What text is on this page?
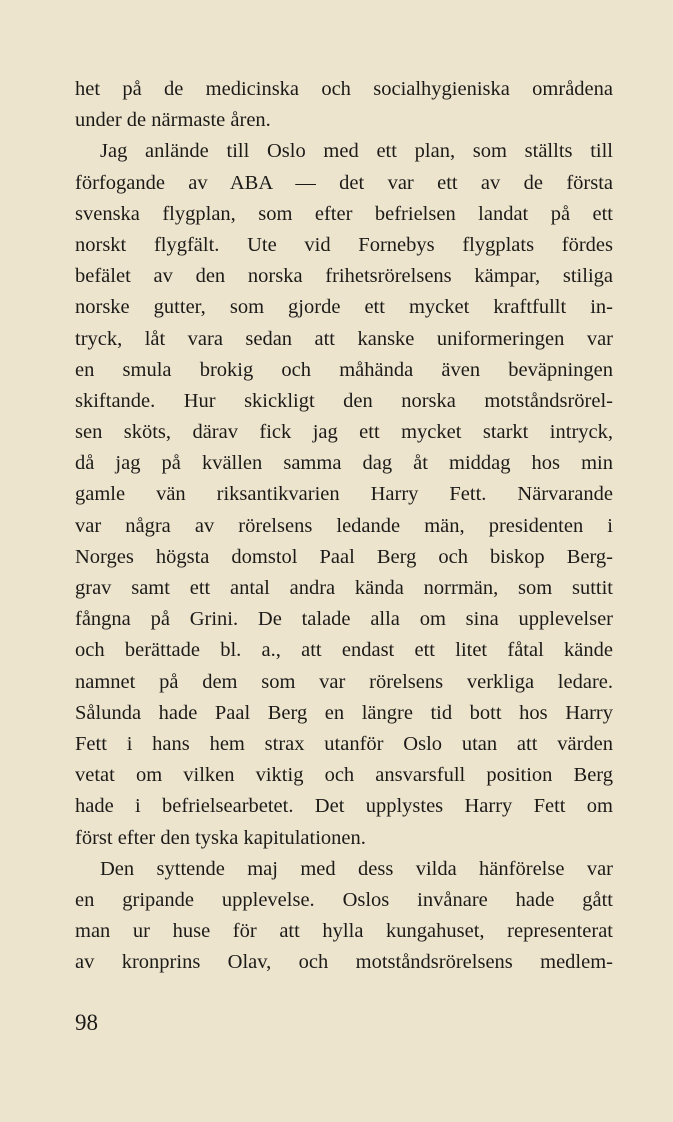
het på de medicinska och socialhygieniska områdena
under de närmaste åren.
Jag anlände till Oslo med ett plan, som ställts till
förfogande av ABA — det var ett av de första
svenska flygplan, som efter befrielsen landat på ett
norskt flygfält. Ute vid Fornebys flygplats fördes
befälet av den norska frihetsrörelsens kämpar, stiliga
norske gutter, som gjorde ett mycket kraftfullt in-
tryck, låt vara sedan att kanske uniformeringen var
en smula brokig och måhända även beväpningen
skiftande. Hur skickligt den norska motståndsrörel-
sen sköts, därav fick jag ett mycket starkt intryck,
då jag på kvällen samma dag åt middag hos min
gamle vän riksantikvarien Harry Fett. Närvarande
var några av rörelsens ledande män, presidenten i
Norges högsta domstol Paal Berg och biskop Berg-
grav samt ett antal andra kända norrmän, som suttit
fångna på Grini. De talade alla om sina upplevelser
och berättade bl. a., att endast ett litet fåtal kände
namnet på dem som var rörelsens verkliga ledare.
Sålunda hade Paal Berg en längre tid bott hos Harry
Fett i hans hem strax utanför Oslo utan att värden
vetat om vilken viktig och ansvarsfull position Berg
hade i befrielsearbetet. Det upplystes Harry Fett om
först efter den tyska kapitulationen.
Den syttende maj med dess vilda hänförelse var
en gripande upplevelse. Oslos invånare hade gått
man ur huse för att hylla kungahuset, representerat
av kronprins Olav, och motståndsrörelsens medlem-
98
